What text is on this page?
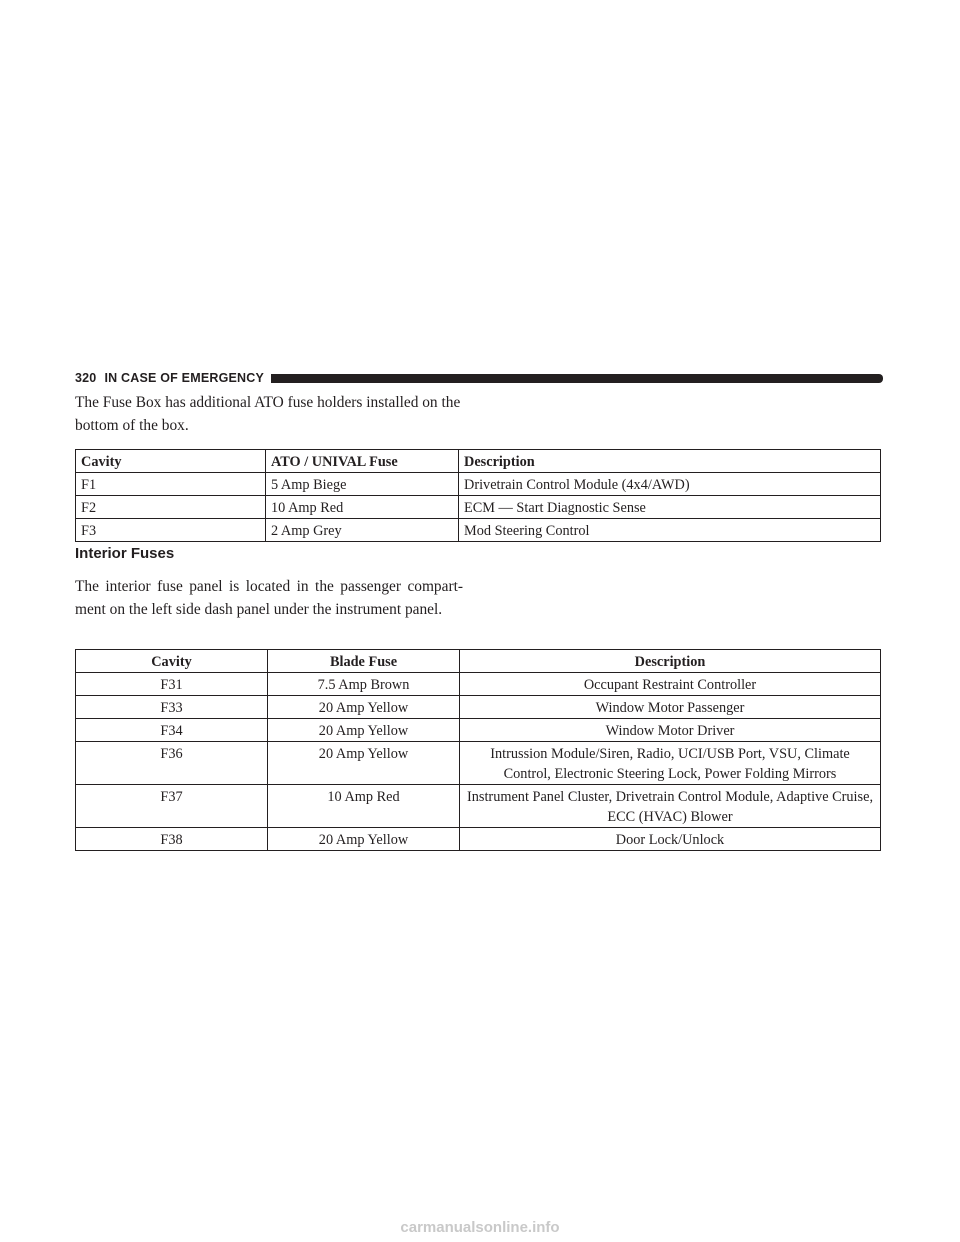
320 IN CASE OF EMERGENCY

The Fuse Box has additional ATO fuse holders installed on the bottom of the box.

Cavity	ATO / UNIVAL Fuse	Description
F1	5 Amp Biege	Drivetrain Control Module (4x4/AWD)
F2	10 Amp Red	ECM — Start Diagnostic Sense
F3	2 Amp Grey	Mod Steering Control
Interior Fuses

The interior fuse panel is located in the passenger compart- ment on the left side dash panel under the instrument panel.

Cavity	Blade Fuse	Description
F31	7.5 Amp Brown	Occupant Restraint Controller
F33	20 Amp Yellow	Window Motor Passenger
F34	20 Amp Yellow	Window Motor Driver
F36	20 Amp Yellow	Intrussion Module/Siren, Radio, UCI/USB Port, VSU, Climate Control, Electronic Steering Lock, Power Folding Mirrors
F37	10 Amp Red	Instrument Panel Cluster, Drivetrain Control Module, Adaptive Cruise, ECC (HVAC) Blower
F38	20 Amp Yellow	Door Lock/Unlock
carmanualsonline.info
